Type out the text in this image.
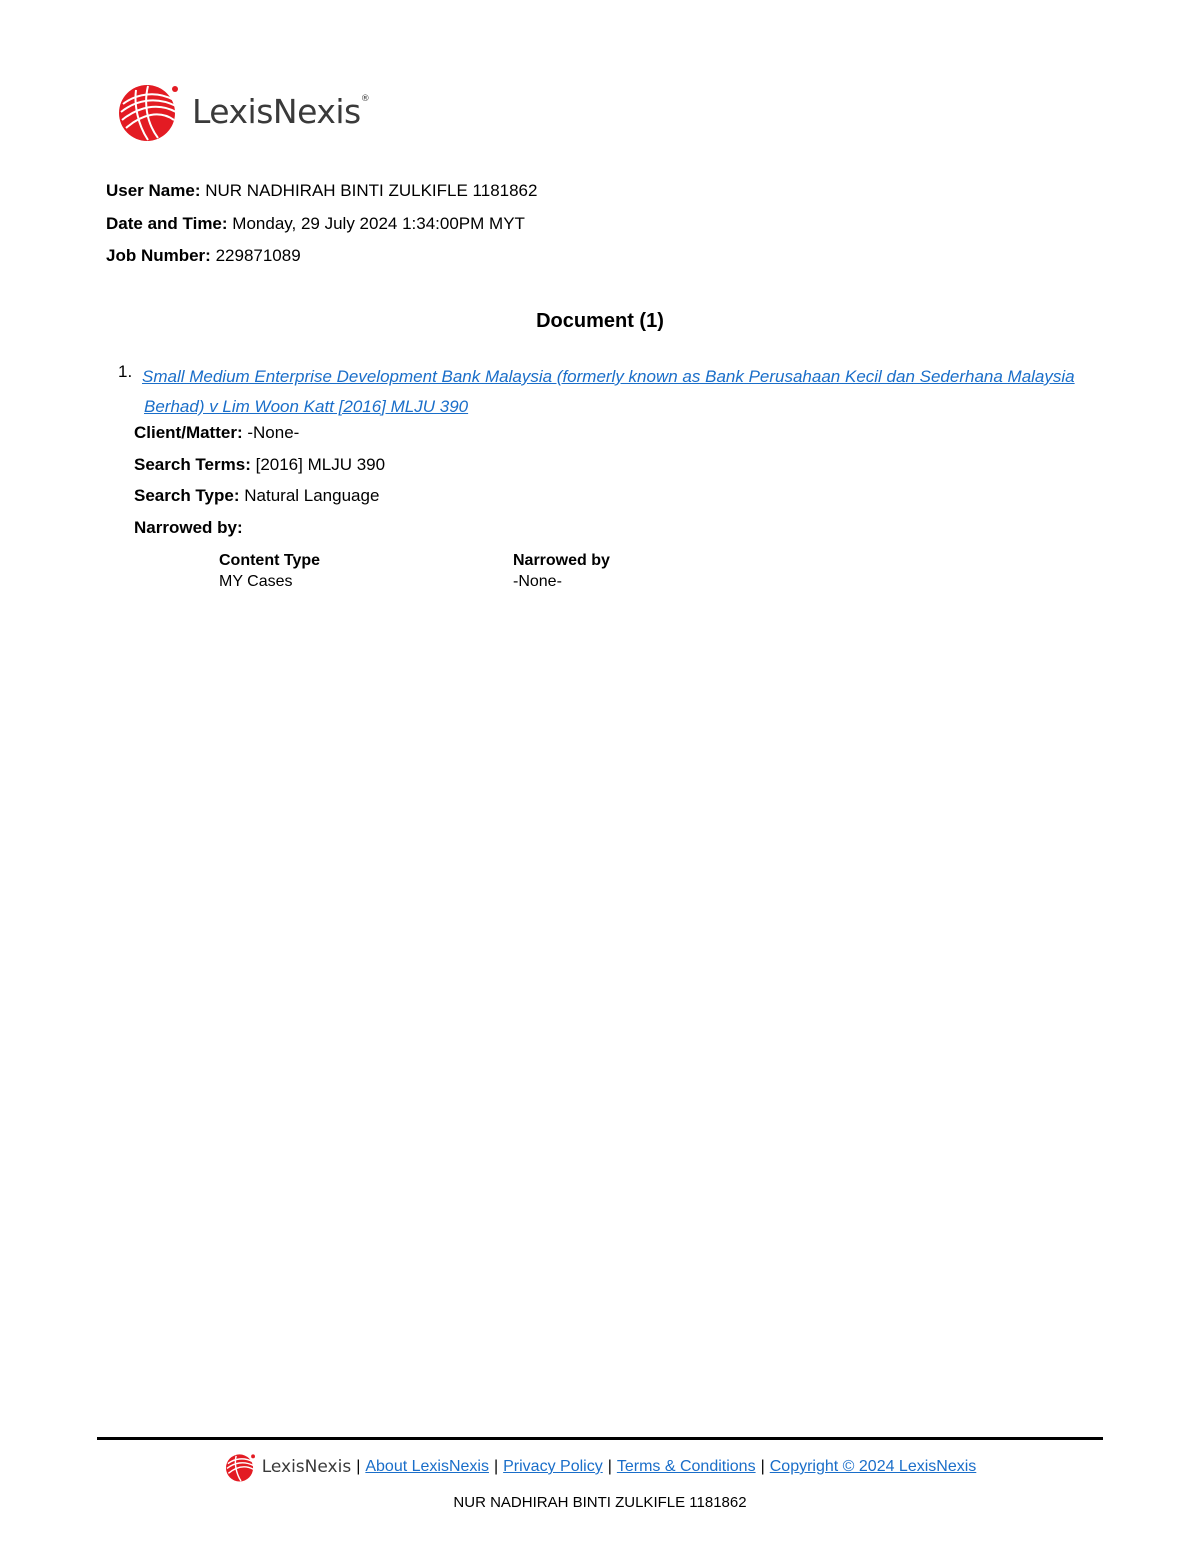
LexisNexis®
User Name: NUR NADHIRAH BINTI ZULKIFLE 1181862
Date and Time: Monday, 29 July 2024 1:34:00PM MYT
Job Number: 229871089
Document (1)
1. Small Medium Enterprise Development Bank Malaysia (formerly known as Bank Perusahaan Kecil dan Sederhana Malaysia Berhad) v Lim Woon Katt [2016] MLJU 390
Client/Matter: -None-
Search Terms: [2016] MLJU 390
Search Type: Natural Language
Narrowed by:
Content Type
MY Cases
Narrowed by
-None-
LexisNexis | About LexisNexis | Privacy Policy | Terms & Conditions | Copyright © 2024 LexisNexis
NUR NADHIRAH BINTI ZULKIFLE 1181862
